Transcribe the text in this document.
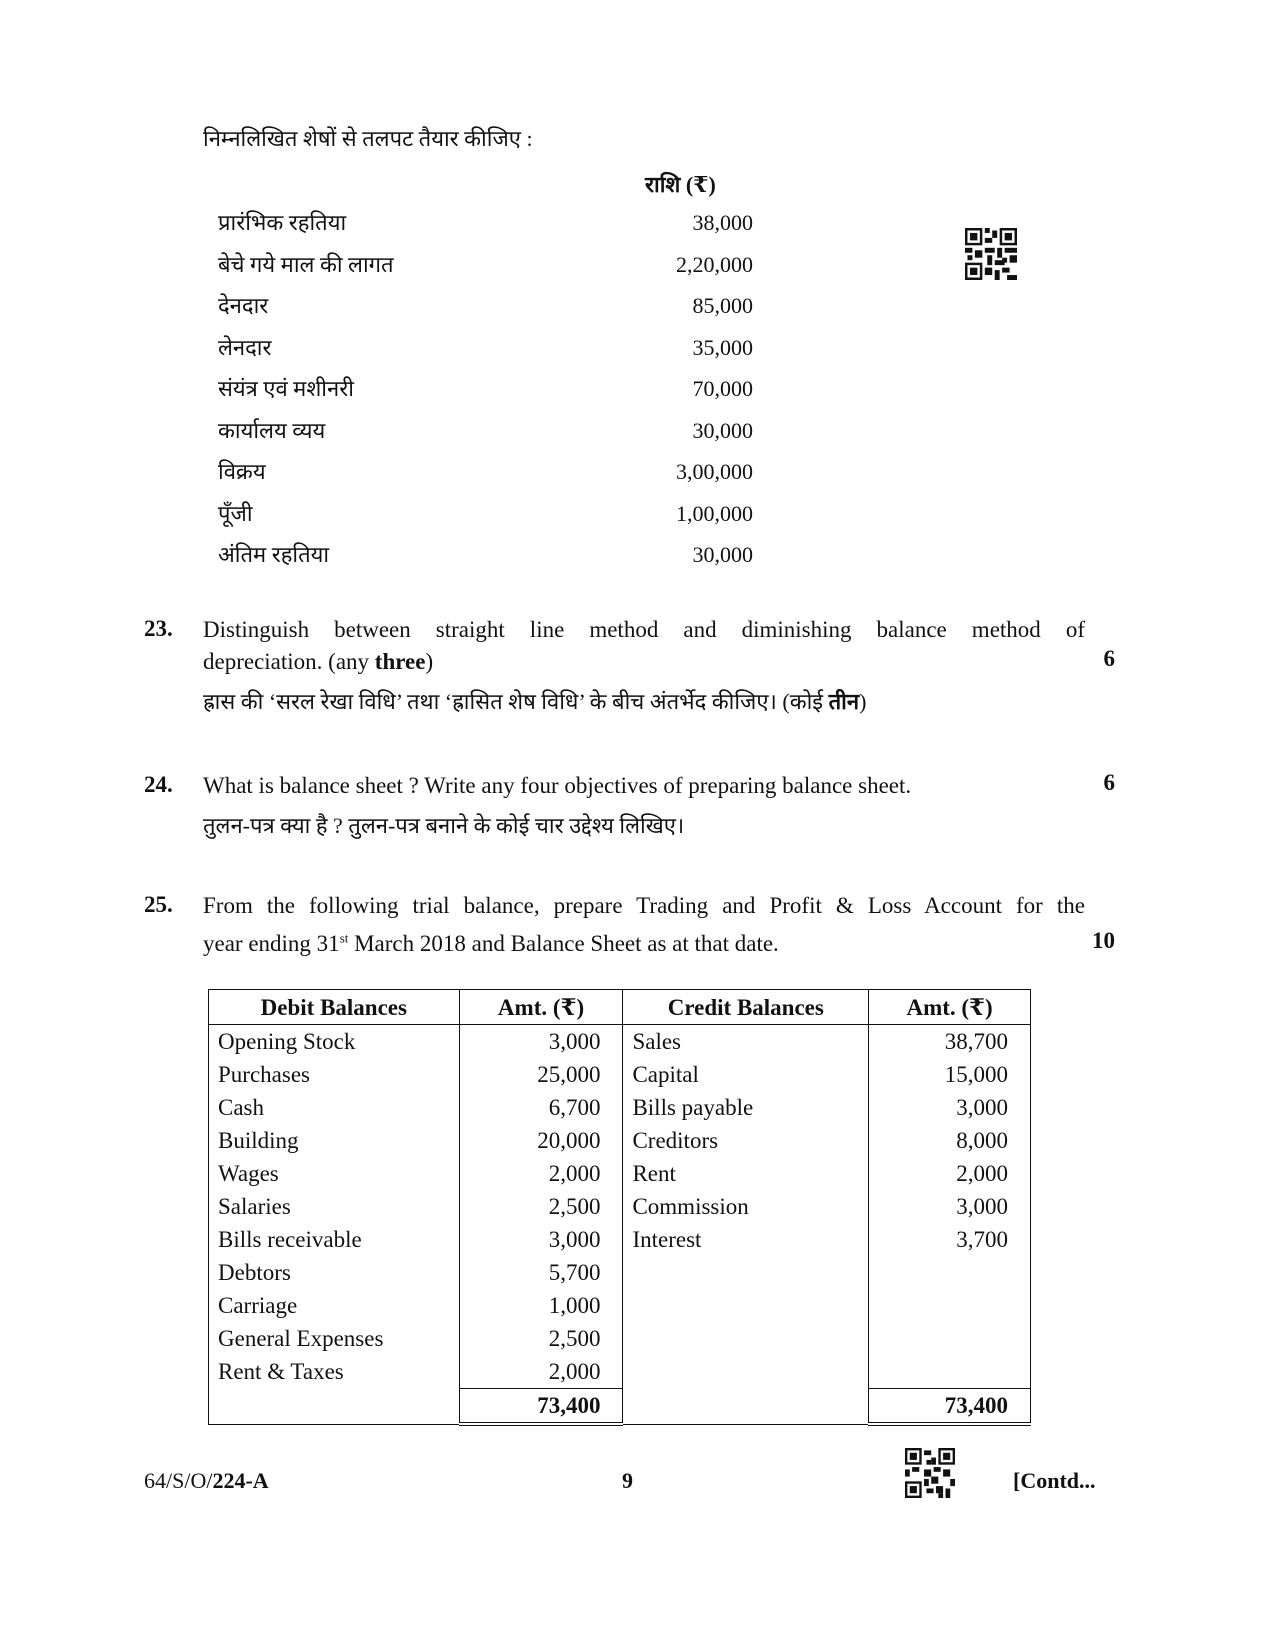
निम्नलिखित शेषों से तलपट तैयार कीजिए :
राशि (₹)
प्रारंभिक रहतिया	38,000
बेचे गये माल की लागत	2,20,000
देनदार	85,000
लेनदार	35,000
संयंत्र एवं मशीनरी	70,000
कार्यालय व्यय	30,000
विक्रय	3,00,000
पूँजी	1,00,000
अंतिम रहतिया	30,000
23. Distinguish between straight line method and diminishing balance method of
depreciation. (any three)	6
ह्रास की ‘सरल रेखा विधि’ तथा ‘ह्रासित शेष विधि’ के बीच अंतर्भेद कीजिए। (कोई तीन)
24. What is balance sheet ? Write any four objectives of preparing balance sheet.	6
तुलन-पत्र क्या है ? तुलन-पत्र बनाने के कोई चार उद्देश्य लिखिए।
25. From the following trial balance, prepare Trading and Profit & Loss Account for the
year ending 31st March 2018 and Balance Sheet as at that date.	10
Debit Balances	Amt. (₹)	Credit Balances	Amt. (₹)
Opening Stock	3,000	Sales	38,700
Purchases	25,000	Capital	15,000
Cash	6,700	Bills payable	3,000
Building	20,000	Creditors	8,000
Wages	2,000	Rent	2,000
Salaries	2,500	Commission	3,000
Bills receivable	3,000	Interest	3,700
Debtors	5,700		
Carriage	1,000		
General Expenses	2,500		
Rent & Taxes	2,000		
	73,400		73,400
64/S/O/224-A	9	[Contd...
